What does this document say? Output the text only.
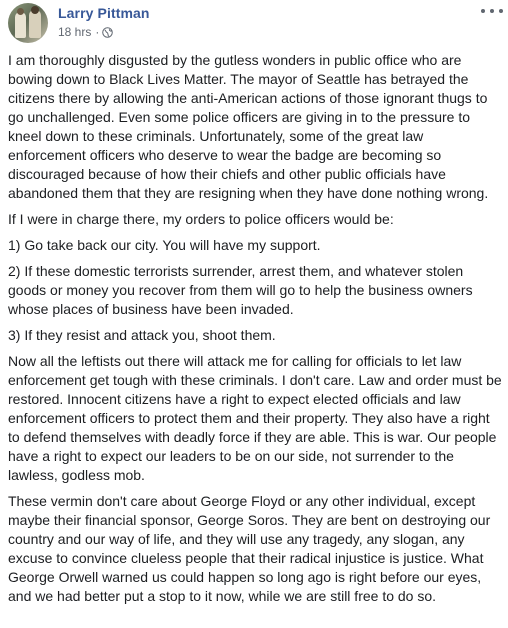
Larry Pittman
18 hrs ·

I am thoroughly disgusted by the gutless wonders in public office who are bowing down to Black Lives Matter. The mayor of Seattle has betrayed the citizens there by allowing the anti-American actions of those ignorant thugs to go unchallenged. Even some police officers are giving in to the pressure to kneel down to these criminals. Unfortunately, some of the great law enforcement officers who deserve to wear the badge are becoming so discouraged because of how their chiefs and other public officials have abandoned them that they are resigning when they have done nothing wrong.

If I were in charge there, my orders to police officers would be:

1) Go take back our city. You will have my support.

2) If these domestic terrorists surrender, arrest them, and whatever stolen goods or money you recover from them will go to help the business owners whose places of business have been invaded.

3) If they resist and attack you, shoot them.

Now all the leftists out there will attack me for calling for officials to let law enforcement get tough with these criminals. I don't care. Law and order must be restored. Innocent citizens have a right to expect elected officials and law enforcement officers to protect them and their property. They also have a right to defend themselves with deadly force if they are able. This is war. Our people have a right to expect our leaders to be on our side, not surrender to the lawless, godless mob.

These vermin don't care about George Floyd or any other individual, except maybe their financial sponsor, George Soros. They are bent on destroying our country and our way of life, and they will use any tragedy, any slogan, any excuse to convince clueless people that their radical injustice is justice. What George Orwell warned us could happen so long ago is right before our eyes, and we had better put a stop to it now, while we are still free to do so.
